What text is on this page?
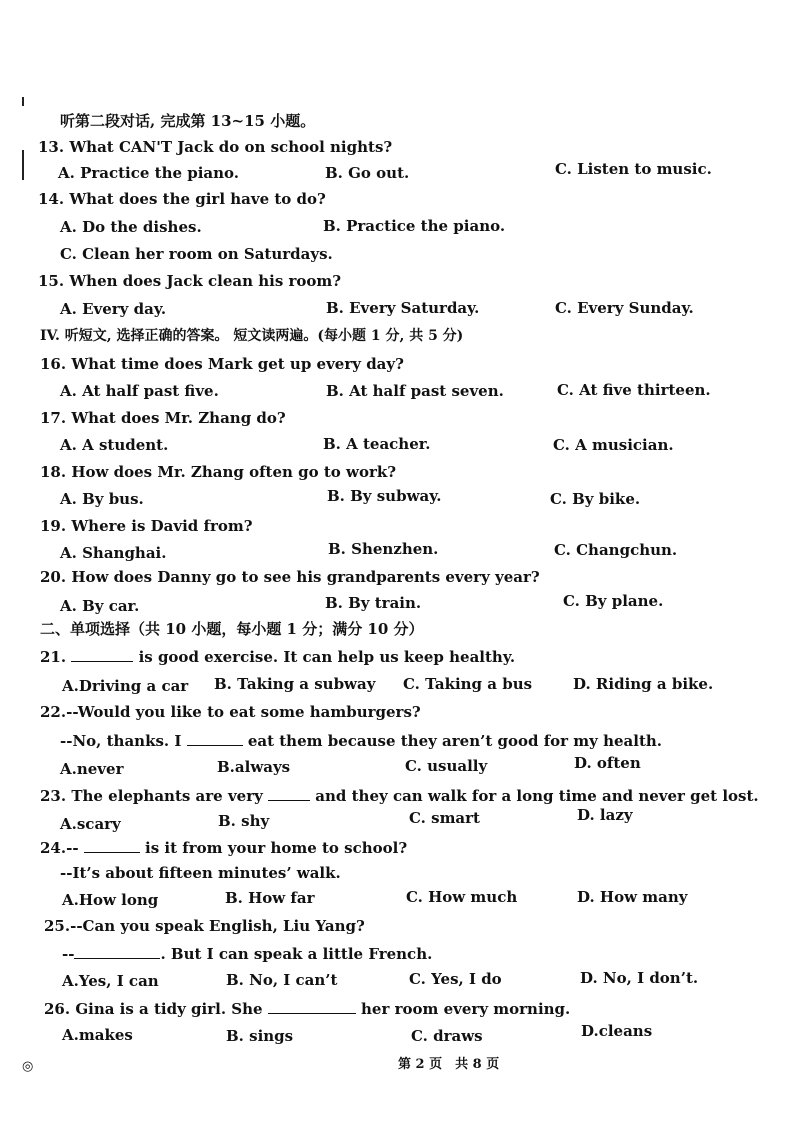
听第二段对话, 完成第 13~15 小题。
13. What CAN'T Jack do on school nights?
A. Practice the piano.	B. Go out.	C. Listen to music.
14. What does the girl have to do?
A. Do the dishes.	B. Practice the piano.
C. Clean her room on Saturdays.
15. When does Jack clean his room?
A. Every day.	B. Every Saturday.	C. Every Sunday.
IV. 听短文, 选择正确的答案。 短文读两遍。(每小题 1 分, 共 5 分)
16. What time does Mark get up every day?
A. At half past five.	B. At half past seven.	C. At five thirteen.
17. What does Mr. Zhang do?
A. A student.	B. A teacher.	C. A musician.
18. How does Mr. Zhang often go to work?
A. By bus.	B. By subway.	C. By bike.
19. Where is David from?
A. Shanghai.	B. Shenzhen.	C. Changchun.
20. How does Danny go to see his grandparents every year?
A. By car.	B. By train.	C. By plane.
二、单项选择（共 10 小题，每小题 1 分；满分 10 分）
21.	is good exercise. It can help us keep healthy.
A.Driving a car B. Taking a subway C. Taking a bus	D. Riding a bike.
22.--Would you like to eat some hamburgers?
--No, thanks. I	eat them because they aren’t good for my health.
A.never	B.always	C. usually	D. often
23. The elephants are very	and they can walk for a long time and never get lost.
A.scary	B. shy	C. smart	D. lazy
24.--	is it from your home to school?
--It’s about fifteen minutes’ walk.
A.How long	B. How far	C. How much	D. How many
25.--Can you speak English, Liu Yang?
--	. But I can speak a little French.
A.Yes, I can	B. No, I can’t	C. Yes, I do	D. No, I don’t.
26. Gina is a tidy girl. She	her room every morning.
A.makes	B. sings	C. draws	D.cleans
◎	第 2 页　共 8 页
